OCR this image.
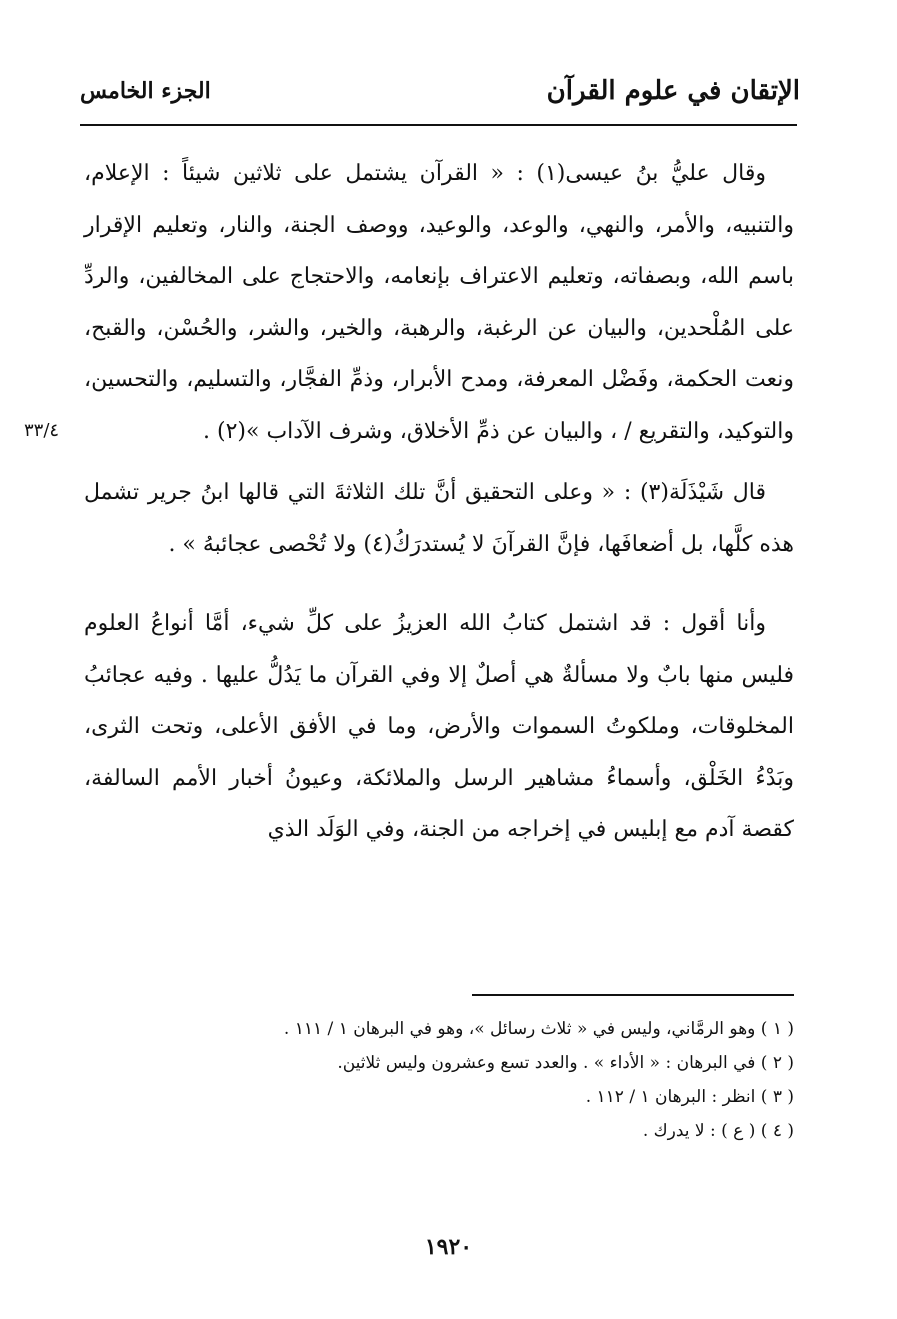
الإتقان في علوم القرآن
الجزء الخامس
٣٣/٤

وقال عليُّ بنُ عيسى(١) : « القرآن يشتمل على ثلاثين شيئاً : الإعلام، والتنبيه، والأمر، والنهي، والوعد، والوعيد، ووصف الجنة، والنار، وتعليم الإقرار باسم الله، وبصفاته، وتعليم الاعتراف بإنعامه، والاحتجاج على المخالفين، والردِّ على المُلْحدين، والبيان عن الرغبة، والرهبة، والخير، والشر، والحُسْن، والقبح، ونعت الحكمة، وفَضْل المعرفة، ومدح الأبرار، وذمِّ الفجَّار، والتسليم، والتحسين، والتوكيد، والتقريع / ، والبيان عن ذمِّ الأخلاق، وشرف الآداب »(٢) .

قال شَيْذَلَة(٣) : « وعلى التحقيق أنَّ تلك الثلاثةَ التي قالها ابنُ جرير تشمل هذه كلَّها، بل أضعافَها، فإنَّ القرآنَ لا يُستدرَكُ(٤) ولا تُحْصى عجائبهُ » .

وأنا أقول : قد اشتمل كتابُ الله العزيزُ على كلِّ شيء، أمَّا أنواعُ العلوم فليس منها بابٌ ولا مسألةٌ هي أصلٌ إلا وفي القرآن ما يَدُلُّ عليها . وفيه عجائبُ المخلوقات، وملكوتُ السموات والأرض، وما في الأفق الأعلى، وتحت الثرى، وبَدْءُ الخَلْق، وأسماءُ مشاهير الرسل والملائكة، وعيونُ أخبار الأمم السالفة، كقصة آدم مع إبليس في إخراجه من الجنة، وفي الوَلَد الذي

( ١ ) وهو الرمَّاني، وليس في « ثلاث رسائل »، وهو في البرهان ١ / ١١١ .
( ٢ ) في البرهان : « الأداء » . والعدد تسع وعشرون وليس ثلاثين.
( ٣ ) انظر : البرهان ١ / ١١٢ .
( ٤ ) ( ع ) : لا يدرك .
١٩٢٠
